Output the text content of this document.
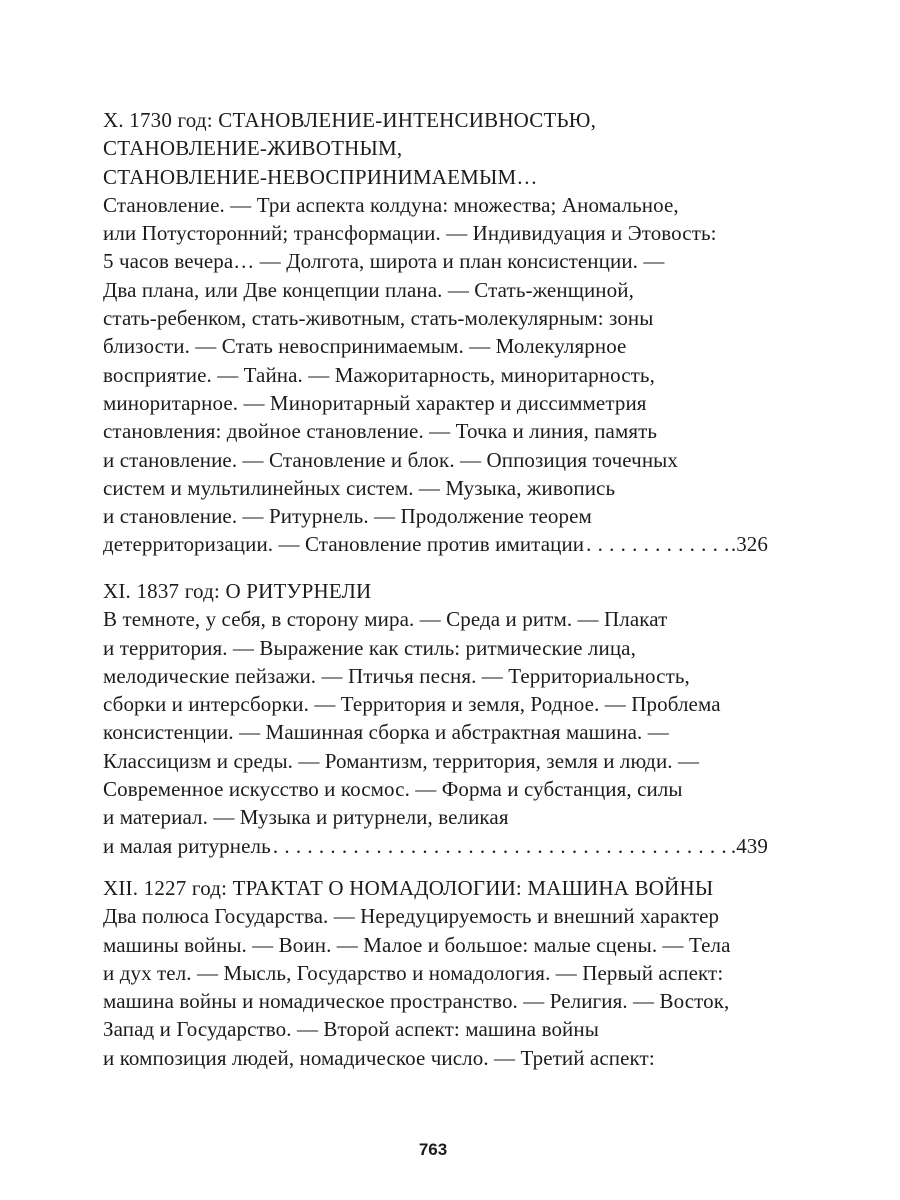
X. 1730 год: СТАНОВЛЕНИЕ-ИНТЕНСИВНОСТЬЮ,
СТАНОВЛЕНИЕ-ЖИВОТНЫМ,
СТАНОВЛЕНИЕ-НЕВОСПРИНИМАЕМЫМ…
Становление. — Три аспекта колдуна: множества; Аномальное,
или Потусторонний; трансформации. — Индивидуация и Этовость:
5 часов вечера… — Долгота, широта и план консистенции. —
Два плана, или Две концепции плана. — Стать-женщиной,
стать-ребенком, стать-животным, стать-молекулярным: зоны
близости. — Стать невоспринимаемым. — Молекулярное
восприятие. — Тайна. — Мажоритарность, миноритарность,
миноритарное. — Миноритарный характер и диссимметрия
становления: двойное становление. — Точка и линия, память
и становление. — Становление и блок. — Оппозиция точечных
систем и мультилинейных систем. — Музыка, живопись
и становление. — Ритурнель. — Продолжение теорем
детерриторизации. — Становление против имитации . . .	.326
XI. 1837 год: О РИТУРНЕЛИ
В темноте, у себя, в сторону мира. — Среда и ритм. — Плакат
и территория. — Выражение как стиль: ритмические лица,
мелодические пейзажи. — Птичья песня. — Территориальность,
сборки и интерсборки. — Территория и земля, Родное. — Проблема
консистенции. — Машинная сборка и абстрактная машина. —
Классицизм и среды. — Романтизм, территория, земля и люди. —
Современное искусство и космос. — Форма и субстанция, силы
и материал. — Музыка и ритурнели, великая
и малая ритурнель . . .	.439
XII. 1227 год: ТРАКТАТ О НОМАДОЛОГИИ: МАШИНА ВОЙНЫ
Два полюса Государства. — Нередуцируемость и внешний характер
машины войны. — Воин. — Малое и большое: малые сцены. — Тела
и дух тел. — Мысль, Государство и номадология. — Первый аспект:
машина войны и номадическое пространство. — Религия. — Восток,
Запад и Государство. — Второй аспект: машина войны
и композиция людей, номадическое число. — Третий аспект:
763
